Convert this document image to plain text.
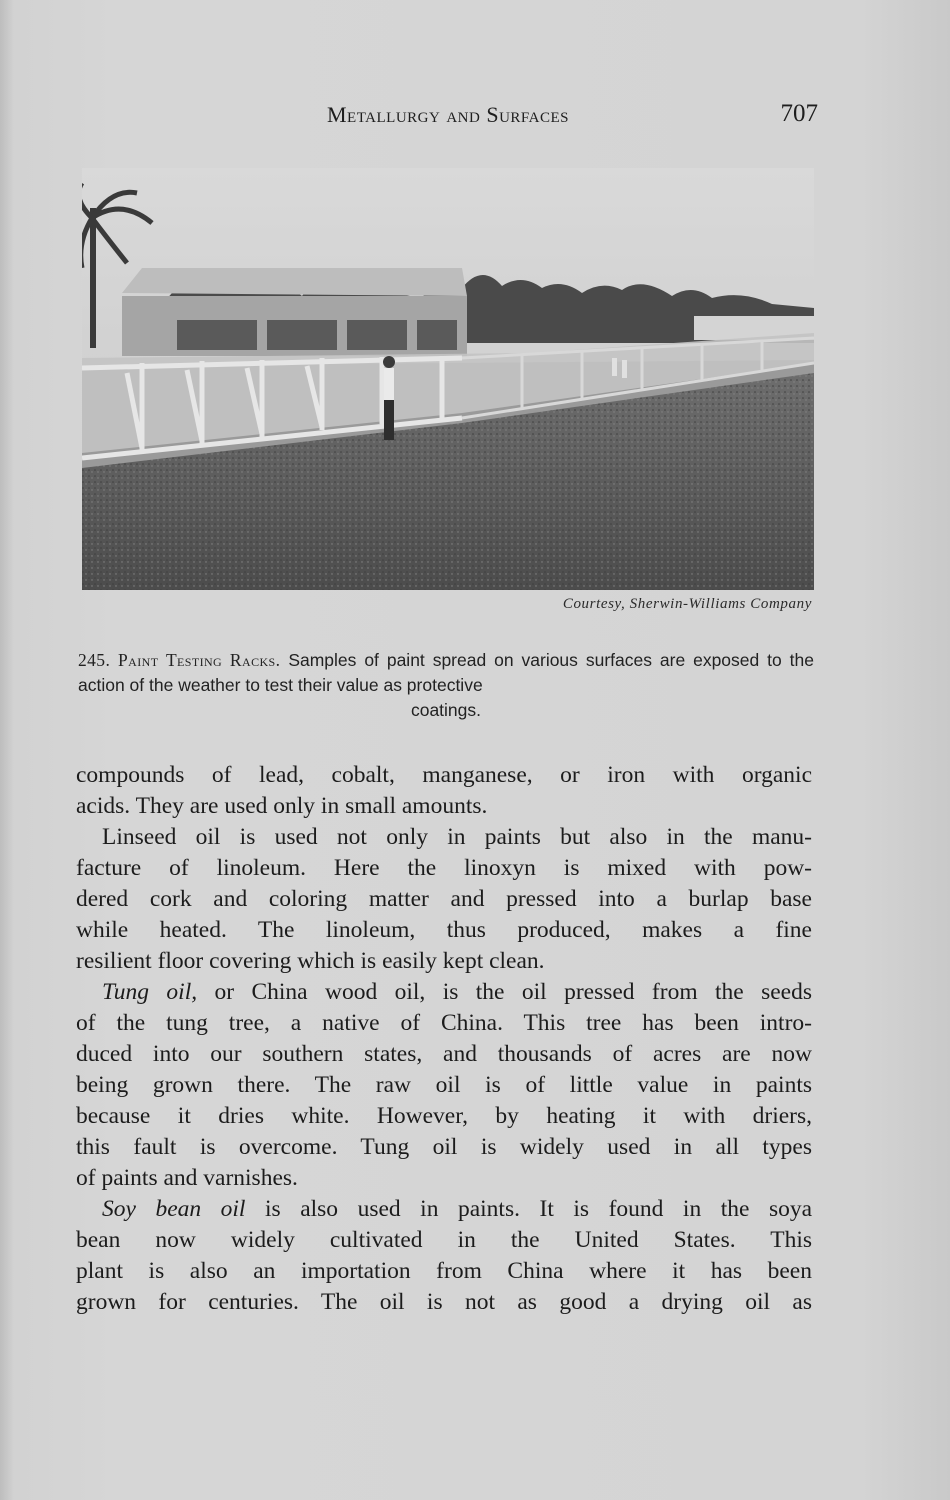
Metallurgy and Surfaces	707
Courtesy, Sherwin-Williams Company
245. Paint Testing Racks. Samples of paint spread on various surfaces are exposed to the action of the weather to test their value as protective
coatings.

compounds of lead, cobalt, manganese, or iron with organic
acids. They are used only in small amounts.

Linseed oil is used not only in paints but also in the manu-
facture of linoleum. Here the linoxyn is mixed with pow-
dered cork and coloring matter and pressed into a burlap base
while heated. The linoleum, thus produced, makes a fine
resilient floor covering which is easily kept clean.

Tung oil, or China wood oil, is the oil pressed from the seeds
of the tung tree, a native of China. This tree has been intro-
duced into our southern states, and thousands of acres are now
being grown there. The raw oil is of little value in paints
because it dries white. However, by heating it with driers,
this fault is overcome. Tung oil is widely used in all types
of paints and varnishes.

Soy bean oil is also used in paints. It is found in the soya
bean now widely cultivated in the United States. This
plant is also an importation from China where it has been
grown for centuries. The oil is not as good a drying oil as
